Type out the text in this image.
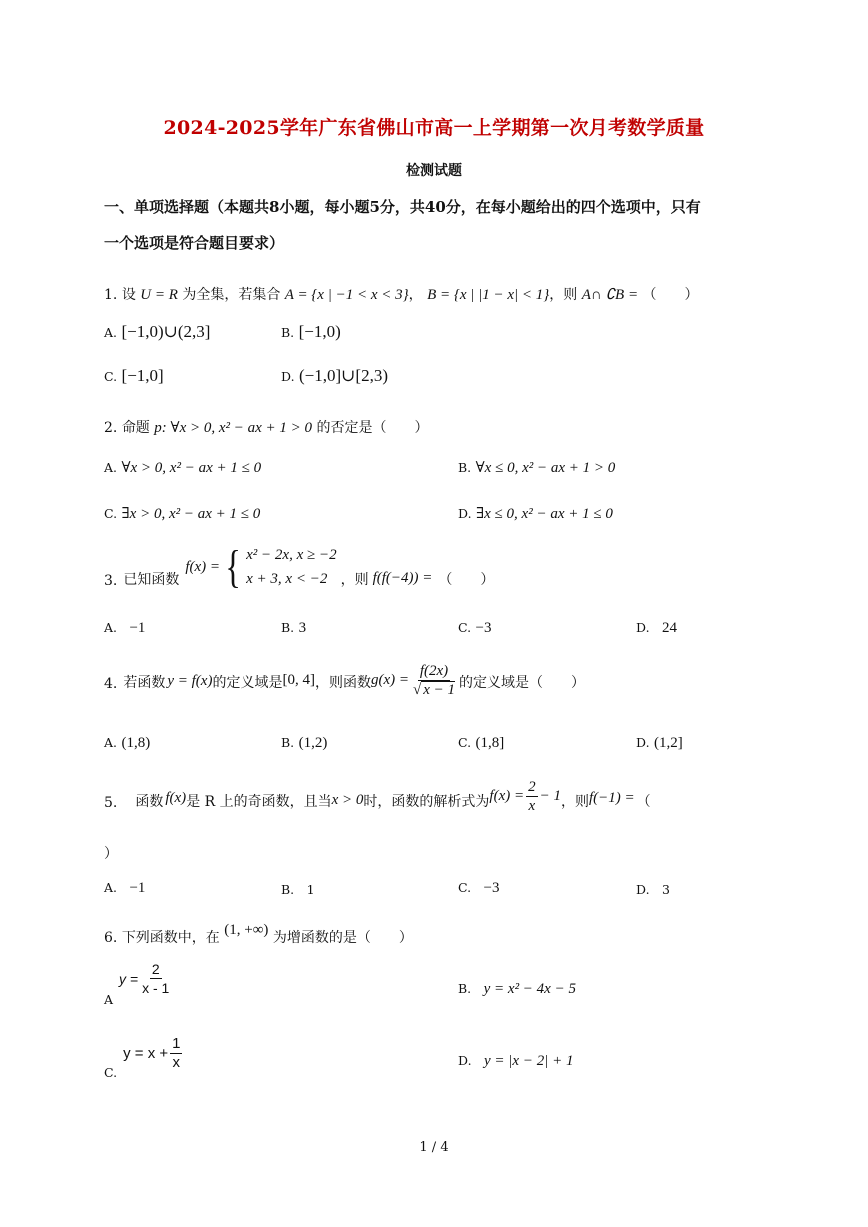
2024-2025学年广东省佛山市高一上学期第一次月考数学质量
检测试题
一、单项选择题（本题共8小题，每小题5分，共40分，在每小题给出的四个选项中，只有
一个选项是符合题目要求）
1. 设 U = R 为全集，若集合 A = {x | −1 < x < 3}， B = {x | |1 − x| < 1}，则 A∩ ∁B = （　　）
A. [−1,0)∪(2,3]	B. [−1,0)
C. [−1,0]	D. (−1,0]∪[2,3)
2. 命题 p: ∀x > 0, x² − ax + 1 > 0 的否定是（　　）
A. ∀x > 0, x² − ax + 1 ≤ 0	B. ∀x ≤ 0, x² − ax + 1 > 0
C. ∃x > 0, x² − ax + 1 ≤ 0	D. ∃x ≤ 0, x² − ax + 1 ≤ 0
3. 已知函数
f(x) = { x² − 2x, x ≥ −2
x + 3, x < −2 ，则 f(f(−4)) = （　　）
A. −1	B. 3	C. −3	D. 24
4. 若函数 y = f(x) 的定义域是 [0, 4] ，则函数 $g(x) = \frac{f(2x)}{√ x - 1}$ 的定义域是（　　）
A. (1,8)	B. (1,2)	C. (1,8]	D. (1,2]
5. 函数 f(x) 是 R 上的奇函数，且当 x > 0 时，函数的解析式为 $f(x) = \frac{2}{x} - 1$ ，则 f(−1) = （
）
A. −1	B. 1	C. −3	D. 3
6. 下列函数中，在 (1, +∞) 为增函数的是（　　）
A
$y = \frac{2}{x - 1}$	B. y = x² − 4x − 5
C.
$y = x + \frac{1}{x}$	D. y = |x − 2| + 1
1 / 4
